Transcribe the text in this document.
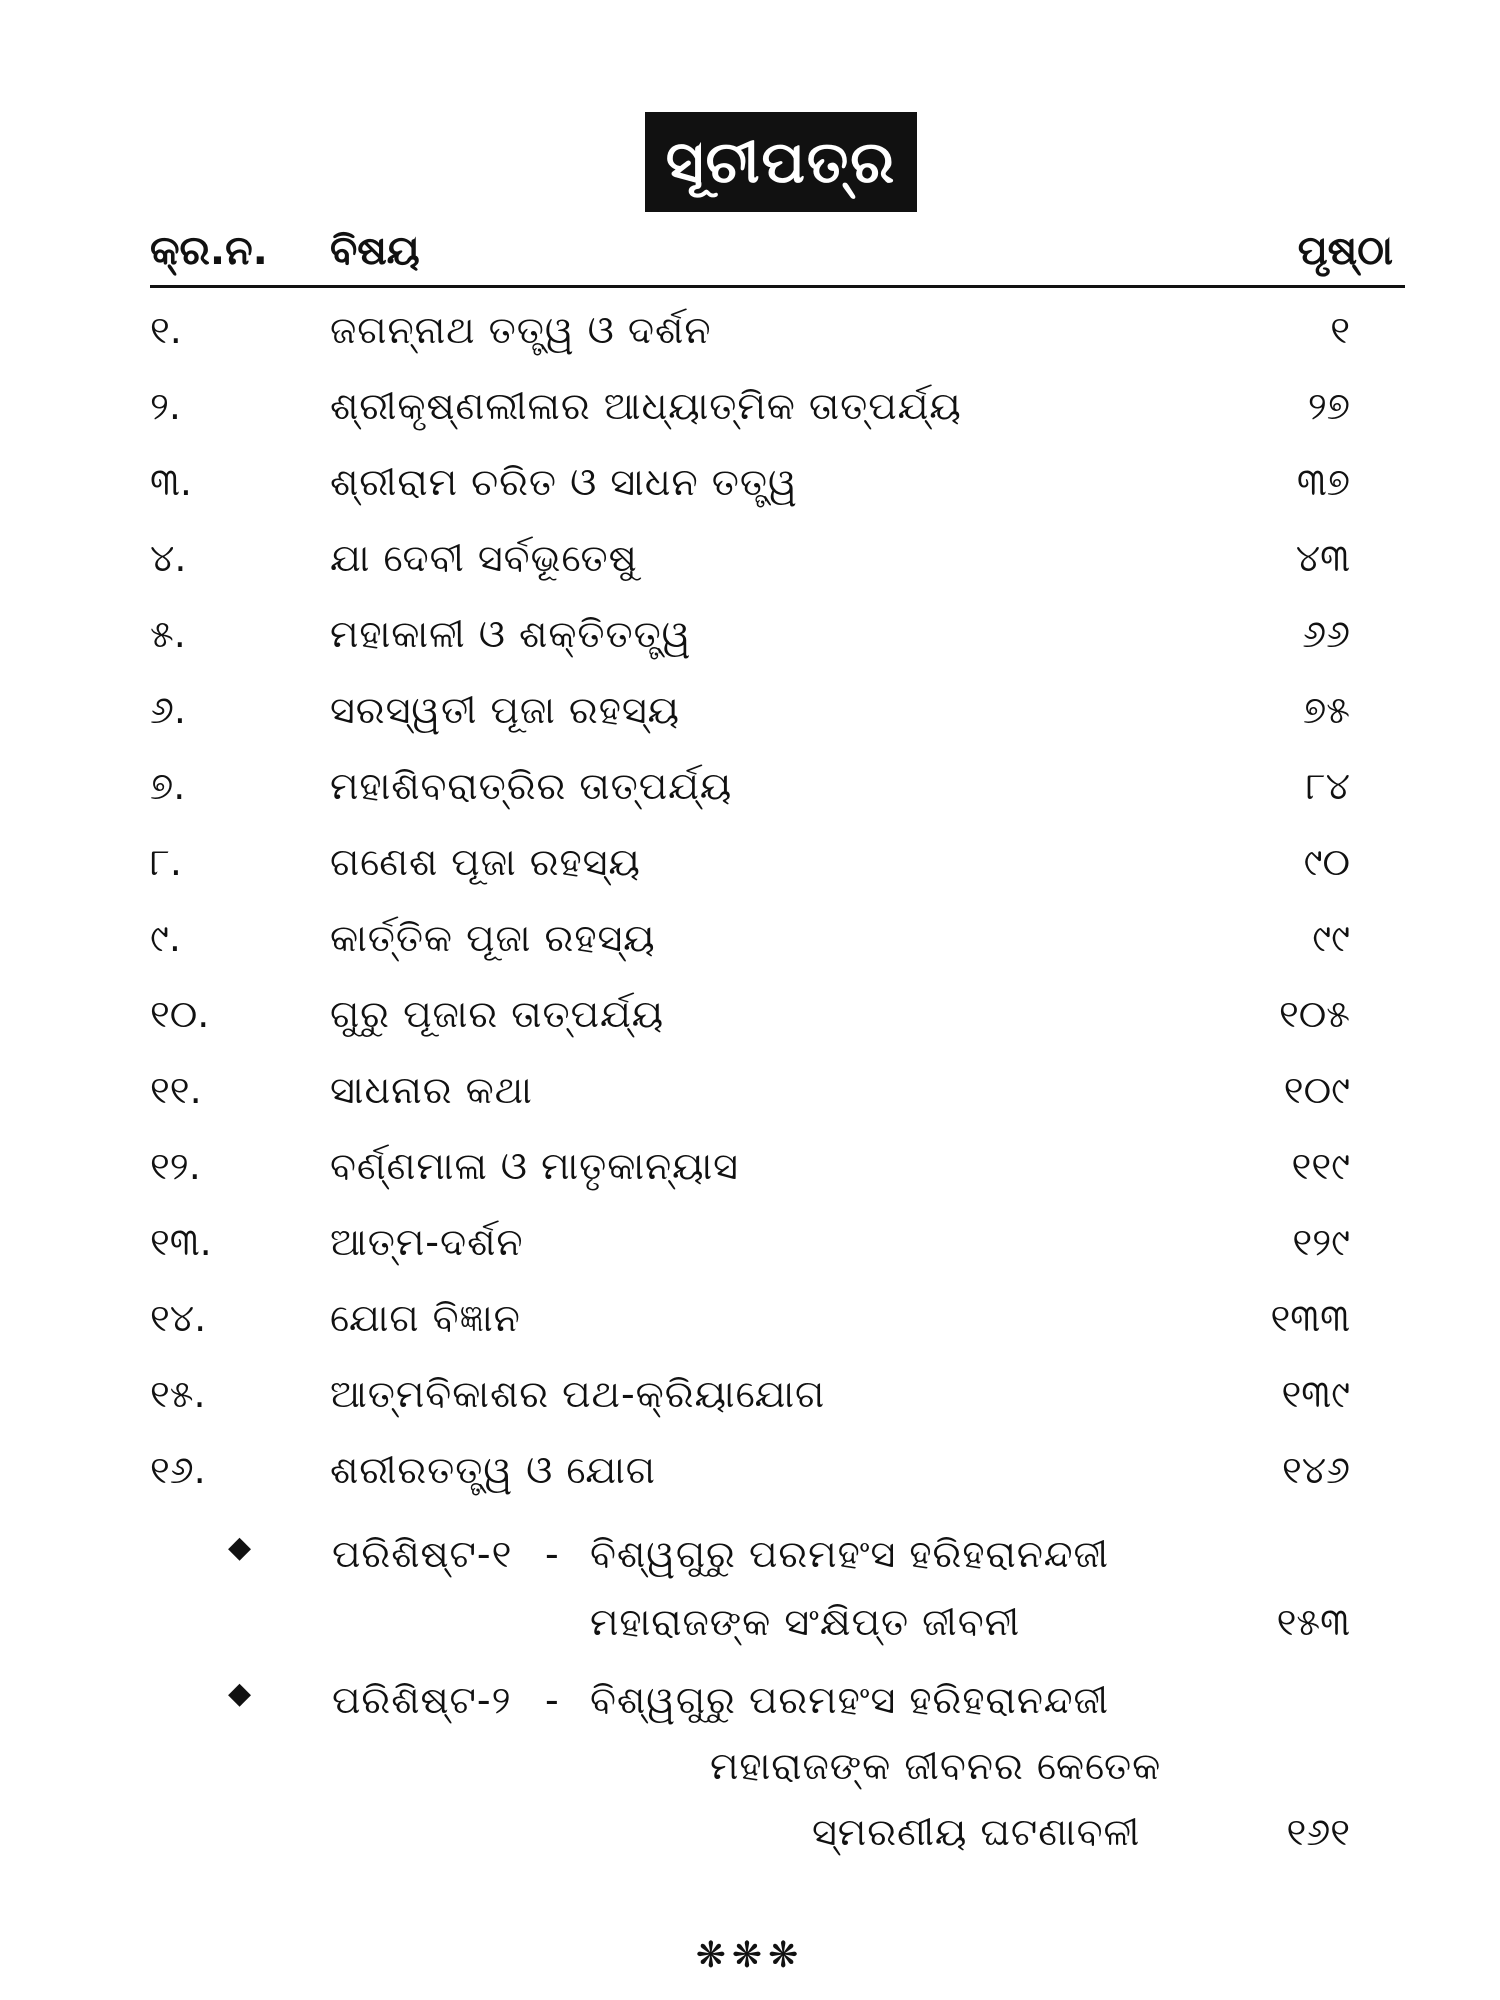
ସୂଚୀପତ୍ର
କ୍ର.ନ. ବିଷୟ	ପୃଷ୍ଠା
୧.	ଜଗନ୍ନାଥ ତତ୍ତ୍ୱ ଓ ଦର୍ଶନ	୧
୨.	ଶ୍ରୀକୃଷ୍ଣଲୀଳାର ଆଧ୍ୟାତ୍ମିକ ତାତ୍ପର୍ଯ୍ୟ	୨୭
୩.	ଶ୍ରୀରାମ ଚରିତ ଓ ସାଧନ ତତ୍ତ୍ୱ	୩୭
୪.	ଯା ଦେବୀ ସର୍ବଭୂତେଷୁ	୪୩
୫.	ମହାକାଳୀ ଓ ଶକ୍ତିତତ୍ତ୍ୱ	୬୬
୬.	ସରସ୍ୱତୀ ପୂଜା ରହସ୍ୟ	୭୫
୭.	ମହାଶିବରାତ୍ରିର ତାତ୍ପର୍ଯ୍ୟ	୮୪
୮.	ଗଣେଶ ପୂଜା ରହସ୍ୟ	୯୦
୯.	କାର୍ତ୍ତିକ ପୂଜା ରହସ୍ୟ	୯୯
୧୦.	ଗୁରୁ ପୂଜାର ତାତ୍ପର୍ଯ୍ୟ	୧୦୫
୧୧.	ସାଧନାର କଥା	୧୦୯
୧୨.	ବର୍ଣ୍ଣମାଳା ଓ ମାତୃକାନ୍ୟାସ	୧୧୯
୧୩.	ଆତ୍ମ-ଦର୍ଶନ	୧୨୯
୧୪.	ଯୋଗ ବିଜ୍ଞାନ	୧୩୩
୧୫.	ଆତ୍ମବିକାଶର ପଥ-କ୍ରିୟାଯୋଗ	୧୩୯
୧୬.	ଶରୀରତତ୍ତ୍ୱ ଓ ଯୋଗ	୧୪୬
◆ ପରିଶିଷ୍ଟ-୧ - ବିଶ୍ୱଗୁରୁ ପରମହଂସ ହରିହରାନନ୍ଦଜୀ
ମହାରାଜଙ୍କ ସଂକ୍ଷିପ୍ତ ଜୀବନୀ	୧୫୩
◆ ପରିଶିଷ୍ଟ-୨ - ବିଶ୍ୱଗୁରୁ ପରମହଂସ ହରିହରାନନ୍ଦଜୀ
ମହାରାଜଙ୍କ ଜୀବନର କେତେକ
ସ୍ମରଣୀୟ ଘଟଣାବଳୀ	୧୬୧
❋❋❋
